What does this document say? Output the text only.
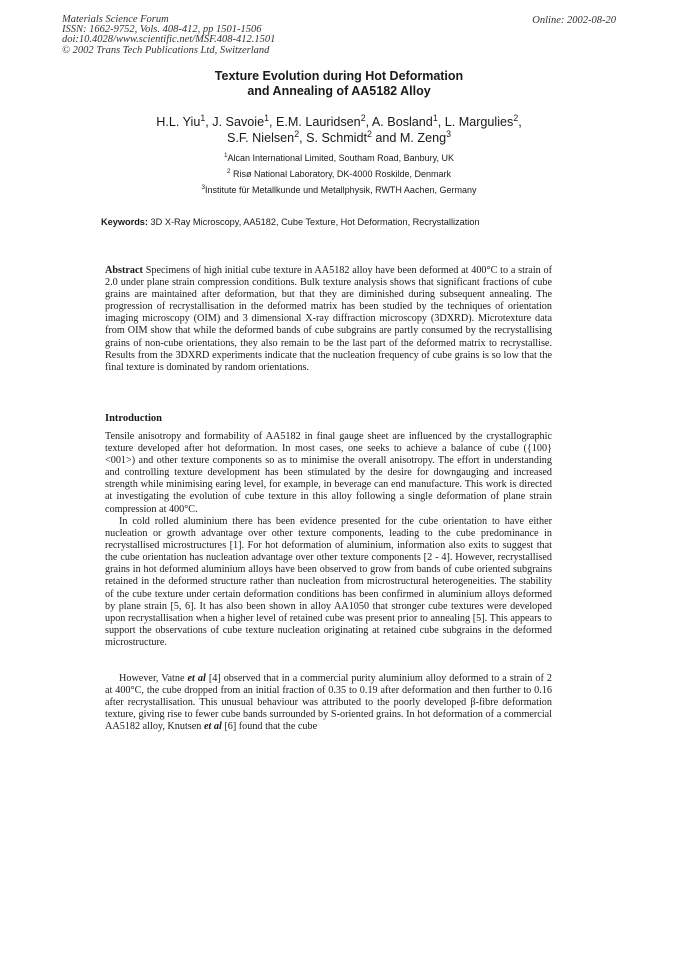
Materials Science Forum
ISSN: 1662-9752, Vols. 408-412, pp 1501-1506
doi:10.4028/www.scientific.net/MSF.408-412.1501
© 2002 Trans Tech Publications Ltd, Switzerland
Online: 2002-08-20
Texture Evolution during Hot Deformation
and Annealing of AA5182 Alloy
H.L. Yiu$^1$, J. Savoie$^1$, E.M. Lauridsen$^2$, A. Bosland$^1$, L. Margulies$^2$,
S.F. Nielsen$^2$, S. Schmidt$^2$ and M. Zeng$^3$
$^1$Alcan International Limited, Southam Road, Banbury, UK
$^2$ Risø National Laboratory, DK-4000 Roskilde, Denmark
$^3$Institute für Metallkunde und Metallphysik, RWTH Aachen, Germany
Keywords: 3D X-Ray Microscopy, AA5182, Cube Texture, Hot Deformation, Recrystallization
Abstract Specimens of high initial cube texture in AA5182 alloy have been deformed at 400°C to a strain of 2.0 under plane strain compression conditions. Bulk texture analysis shows that significant fractions of cube grains are maintained after deformation, but that they are diminished during subsequent annealing. The progression of recrystallisation in the deformed matrix has been studied by the techniques of orientation imaging microscopy (OIM) and 3 dimensional X-ray diffraction microscopy (3DXRD). Microtexture data from OIM show that while the deformed bands of cube subgrains are partly consumed by the recrystallising grains of non-cube orientations, they also remain to be the last part of the deformed matrix to recrystallise. Results from the 3DXRD experiments indicate that the nucleation frequency of cube grains is so low that the final texture is dominated by random orientations.
Introduction
Tensile anisotropy and formability of AA5182 in final gauge sheet are influenced by the crystallographic texture developed after hot deformation. In most cases, one seeks to achieve a balance of cube ({100} <001>) and other texture components so as to minimise the overall anisotropy. The effort in understanding and controlling texture development has been stimulated by the desire for downgauging and increased strength while minimising earing level, for example, in beverage can end manufacture. This work is directed at investigating the evolution of cube texture in this alloy following a single deformation of plane strain compression at 400°C.
In cold rolled aluminium there has been evidence presented for the cube orientation to have either nucleation or growth advantage over other texture components, leading to the cube predominance in recrystallised microstructures [1]. For hot deformation of aluminium, information also exits to suggest that the cube orientation has nucleation advantage over other texture components [2 - 4]. However, recrystallised grains in hot deformed aluminium alloys have been observed to grow from bands of cube oriented subgrains retained in the deformed structure rather than nucleation from microstructural heterogeneities. The stability of the cube texture under certain deformation conditions has been confirmed in aluminium alloys deformed by plane strain [5, 6]. It has also been shown in alloy AA1050 that stronger cube textures were developed upon recrystallisation when a higher level of retained cube was present prior to annealing [5]. This appears to support the observations of cube texture nucleation originating at retained cube subgrains in the deformed microstructure.
However, Vatne et al [4] observed that in a commercial purity aluminium alloy deformed to a strain of 2 at 400°C, the cube dropped from an initial fraction of 0.35 to 0.19 after deformation and then further to 0.16 after recrystallisation. This unusual behaviour was attributed to the poorly developed β-fibre deformation texture, giving rise to fewer cube bands surrounded by S-oriented grains. In hot deformation of a commercial AA5182 alloy, Knutsen et al [6] found that the cube
